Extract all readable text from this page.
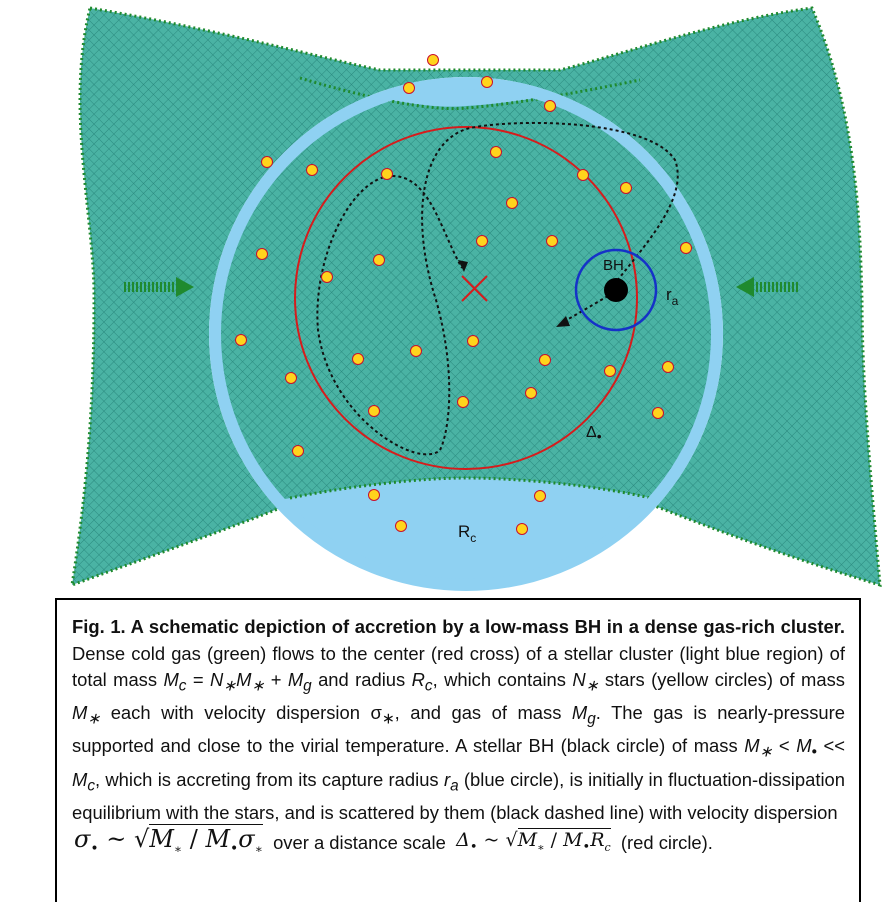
BH
$r_a$
$R_c$
Δ•

Fig. 1. A schematic depiction of accretion by a low-mass BH in a dense gas-rich cluster. Dense cold gas (green) flows to the center (red cross) of a stellar cluster (light blue region) of total mass $M_c = N_∗M_∗ + M_g$ and radius $R_c$, which contains $N_∗$ stars (yellow circles) of mass $M_∗$ each with velocity dispersion $\sigma_∗$, and gas of mass $M_g$. The gas is nearly-pressure supported and close to the virial temperature. A stellar BH (black circle) of mass $M_∗ < M_• << M_c$, which is accreting from its capture radius $r_a$ (blue circle), is initially in fluctuation-dissipation equilibrium with the stars, and is scattered by them (black dashed line) with velocity dispersion
$\sigma_•$ ~ $√M_∗ / M_•\sigma_∗$ over a distance scale $\Delta_•$ ~ $√M_∗ / M_•R_c$ (red circle).
